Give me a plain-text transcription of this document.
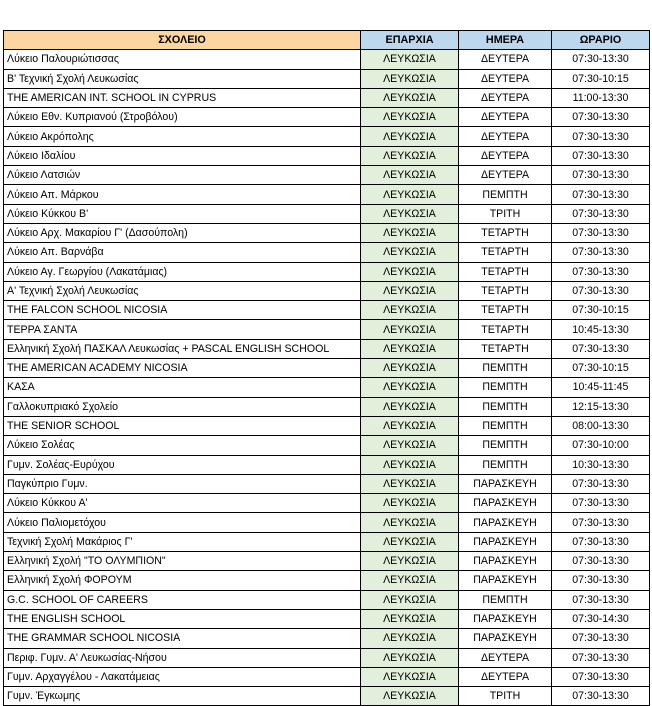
ΣΧΟΛΕΙΟ	ΕΠΑΡΧΙΑ	ΗΜΕΡΑ	ΩΡΑΡΙΟ
Λύκειο Παλουριώτισσας	ΛΕΥΚΩΣΙΑ	ΔΕΥΤΕΡΑ	07:30-13:30
Β' Τεχνική Σχολή Λευκωσίας	ΛΕΥΚΩΣΙΑ	ΔΕΥΤΕΡΑ	07:30-10:15
THE AMERICAN INT. SCHOOL IN CYPRUS	ΛΕΥΚΩΣΙΑ	ΔΕΥΤΕΡΑ	11:00-13:30
Λύκειο Εθν. Κυπριανού (Στροβόλου)	ΛΕΥΚΩΣΙΑ	ΔΕΥΤΕΡΑ	07:30-13:30
Λύκειο Ακρόπολης	ΛΕΥΚΩΣΙΑ	ΔΕΥΤΕΡΑ	07:30-13:30
Λύκειο Ιδαλίου	ΛΕΥΚΩΣΙΑ	ΔΕΥΤΕΡΑ	07:30-13:30
Λύκειο Λατσιών	ΛΕΥΚΩΣΙΑ	ΔΕΥΤΕΡΑ	07:30-13:30
Λύκειο Απ. Μάρκου	ΛΕΥΚΩΣΙΑ	ΠΕΜΠΤΗ	07:30-13:30
Λύκειο Κύκκου Β'	ΛΕΥΚΩΣΙΑ	ΤΡΙΤΗ	07:30-13:30
Λύκειο Αρχ. Μακαρίου Γ' (Δασούπολη)	ΛΕΥΚΩΣΙΑ	ΤΕΤΑΡΤΗ	07:30-13:30
Λύκειο Απ. Βαρνάβα	ΛΕΥΚΩΣΙΑ	ΤΕΤΑΡΤΗ	07:30-13:30
Λύκειο Αγ. Γεωργίου (Λακατάμιας)	ΛΕΥΚΩΣΙΑ	ΤΕΤΑΡΤΗ	07:30-13:30
Α' Τεχνική Σχολή Λευκωσίας	ΛΕΥΚΩΣΙΑ	ΤΕΤΑΡΤΗ	07:30-13:30
THE FALCON SCHOOL NICOSIA	ΛΕΥΚΩΣΙΑ	ΤΕΤΑΡΤΗ	07:30-10:15
ΤΕΡΡΑ ΣΑΝΤΑ	ΛΕΥΚΩΣΙΑ	ΤΕΤΑΡΤΗ	10:45-13:30
Ελληνική Σχολή ΠΑΣΚΑΛ Λευκωσίας + PASCAL ENGLISH SCHOOL	ΛΕΥΚΩΣΙΑ	ΤΕΤΑΡΤΗ	07:30-13:30
THE AMERICAN ACADEMY NICOSIA	ΛΕΥΚΩΣΙΑ	ΠΕΜΠΤΗ	07:30-10:15
ΚΑΣΑ	ΛΕΥΚΩΣΙΑ	ΠΕΜΠΤΗ	10:45-11:45
Γαλλοκυπριακό Σχολείο	ΛΕΥΚΩΣΙΑ	ΠΕΜΠΤΗ	12:15-13:30
THE SENIOR SCHOOL	ΛΕΥΚΩΣΙΑ	ΠΕΜΠΤΗ	08:00-13:30
Λύκειο Σολέας	ΛΕΥΚΩΣΙΑ	ΠΕΜΠΤΗ	07:30-10:00
Γυμν. Σολέας-Ευρύχου	ΛΕΥΚΩΣΙΑ	ΠΕΜΠΤΗ	10:30-13:30
Παγκύπριο Γυμν.	ΛΕΥΚΩΣΙΑ	ΠΑΡΑΣΚΕΥΗ	07:30-13:30
Λύκειο Κύκκου Α'	ΛΕΥΚΩΣΙΑ	ΠΑΡΑΣΚΕΥΗ	07:30-13:30
Λύκειο Παλιομετόχου	ΛΕΥΚΩΣΙΑ	ΠΑΡΑΣΚΕΥΗ	07:30-13:30
Τεχνική Σχολή Μακάριος Γ'	ΛΕΥΚΩΣΙΑ	ΠΑΡΑΣΚΕΥΗ	07:30-13:30
Ελληνική Σχολή "ΤΟ ΟΛΥΜΠΙΟΝ"	ΛΕΥΚΩΣΙΑ	ΠΑΡΑΣΚΕΥΗ	07:30-13:30
Ελληνική Σχολή ΦΟΡΟΥΜ	ΛΕΥΚΩΣΙΑ	ΠΑΡΑΣΚΕΥΗ	07:30-13:30
G.C. SCHOOL OF CAREERS	ΛΕΥΚΩΣΙΑ	ΠΕΜΠΤΗ	07:30-13:30
THE ENGLISH SCHOOL	ΛΕΥΚΩΣΙΑ	ΠΑΡΑΣΚΕΥΗ	07:30-14:30
THE GRAMMAR SCHOOL NICOSIA	ΛΕΥΚΩΣΙΑ	ΠΑΡΑΣΚΕΥΗ	07:30-13:30
Περιφ. Γυμν. Α' Λευκωσίας-Νήσου	ΛΕΥΚΩΣΙΑ	ΔΕΥΤΕΡΑ	07:30-13:30
Γυμν. Αρχαγγέλου - Λακατάμειας	ΛΕΥΚΩΣΙΑ	ΔΕΥΤΕΡΑ	07:30-13:30
Γυμν. Έγκωμης	ΛΕΥΚΩΣΙΑ	ΤΡΙΤΗ	07:30-13:30
